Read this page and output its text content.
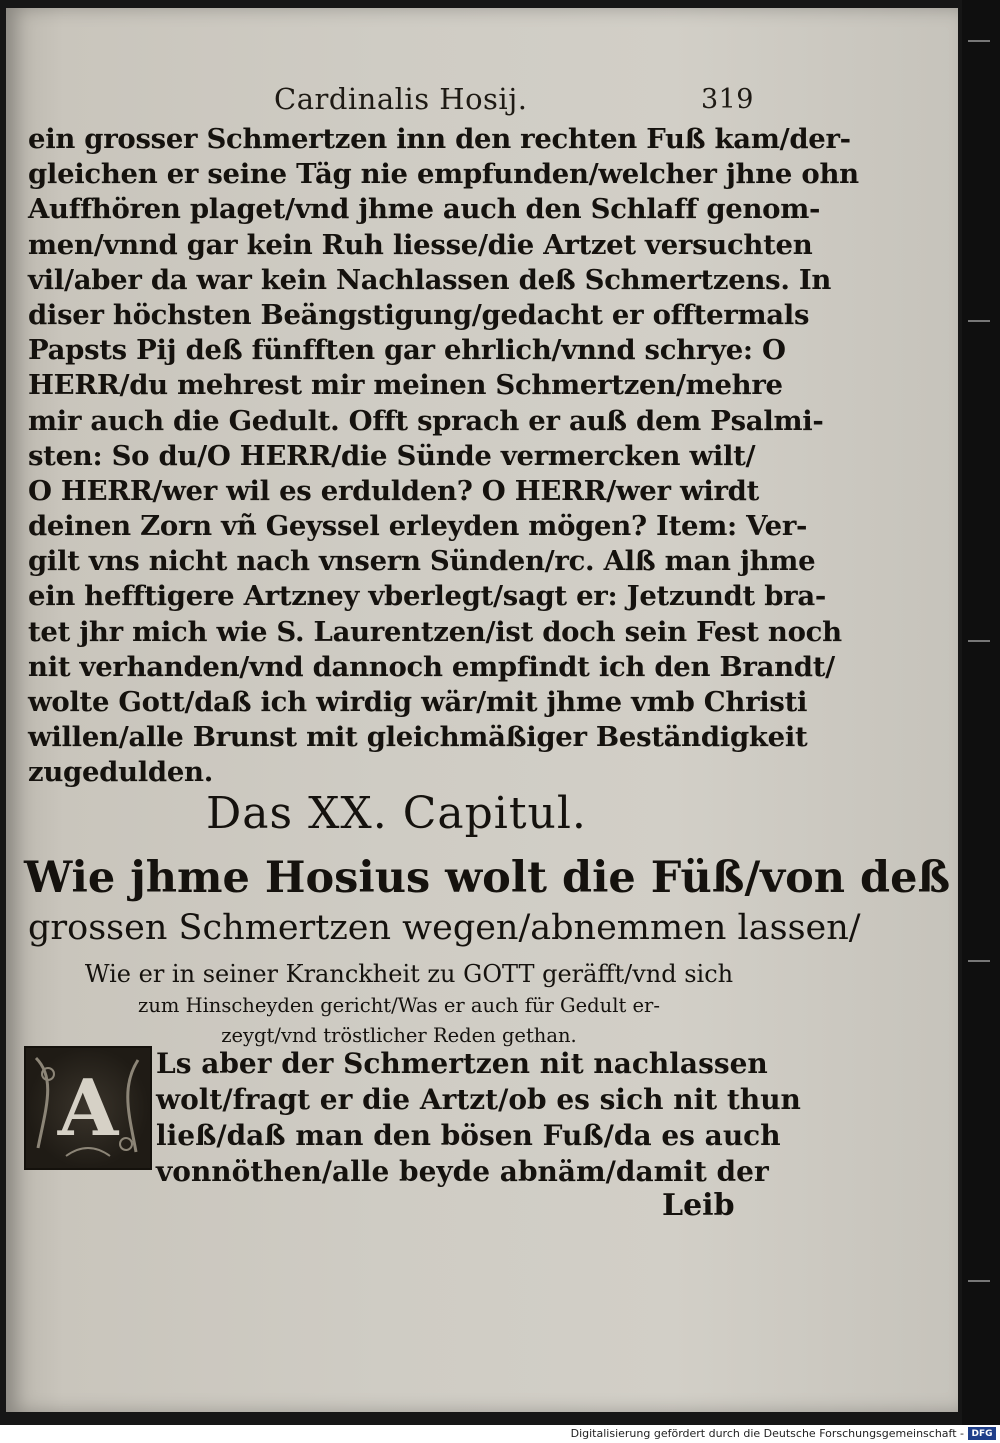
Cardinalis Hosij.	319
ein grosser Schmertzen inn den rechten Fuß kam/der-
gleichen er seine Täg nie empfunden/welcher jhne ohn
Auffhören plaget/vnd jhme auch den Schlaff genom-
men/vnnd gar kein Ruh liesse/die Artzet versuchten
vil/aber da war kein Nachlassen deß Schmertzens. In
diser höchsten Beängstigung/gedacht er offtermals
Papsts Pij deß fünfften gar ehrlich/vnnd schrye: O
HERR/du mehrest mir meinen Schmertzen/mehre
mir auch die Gedult. Offt sprach er auß dem Psalmi-
sten: So du/O HERR/die Sünde vermercken wilt/
O HERR/wer wil es erdulden? O HERR/wer wirdt
deinen Zorn vñ Geyssel erleyden mögen? Item: Ver-
gilt vns nicht nach vnsern Sünden/rc. Alß man jhme
ein hefftigere Artzney vberlegt/sagt er: Jetzundt bra-
tet jhr mich wie S. Laurentzen/ist doch sein Fest noch
nit verhanden/vnd dannoch empfindt ich den Brandt/
wolte Gott/daß ich wirdig wär/mit jhme vmb Christi
willen/alle Brunst mit gleichmäßiger Beständigkeit
zugedulden.
Das XX. Capitul.
Wie jhme Hosius wolt die Füß/von deß
grossen Schmertzen wegen/abnemmen lassen/
Wie er in seiner Kranckheit zu GOTT geräfft/vnd sich
zum Hinscheyden gericht/Was er auch für Gedult er-
zeygt/vnd tröstlicher Reden gethan.
A Ls aber der Schmertzen nit nachlassen
wolt/fragt er die Artzt/ob es sich nit thun
ließ/daß man den bösen Fuß/da es auch
vonnöthen/alle beyde abnäm/damit der
Leib
Digitalisierung gefördert durch die Deutsche Forschungsgemeinschaft - DFG
